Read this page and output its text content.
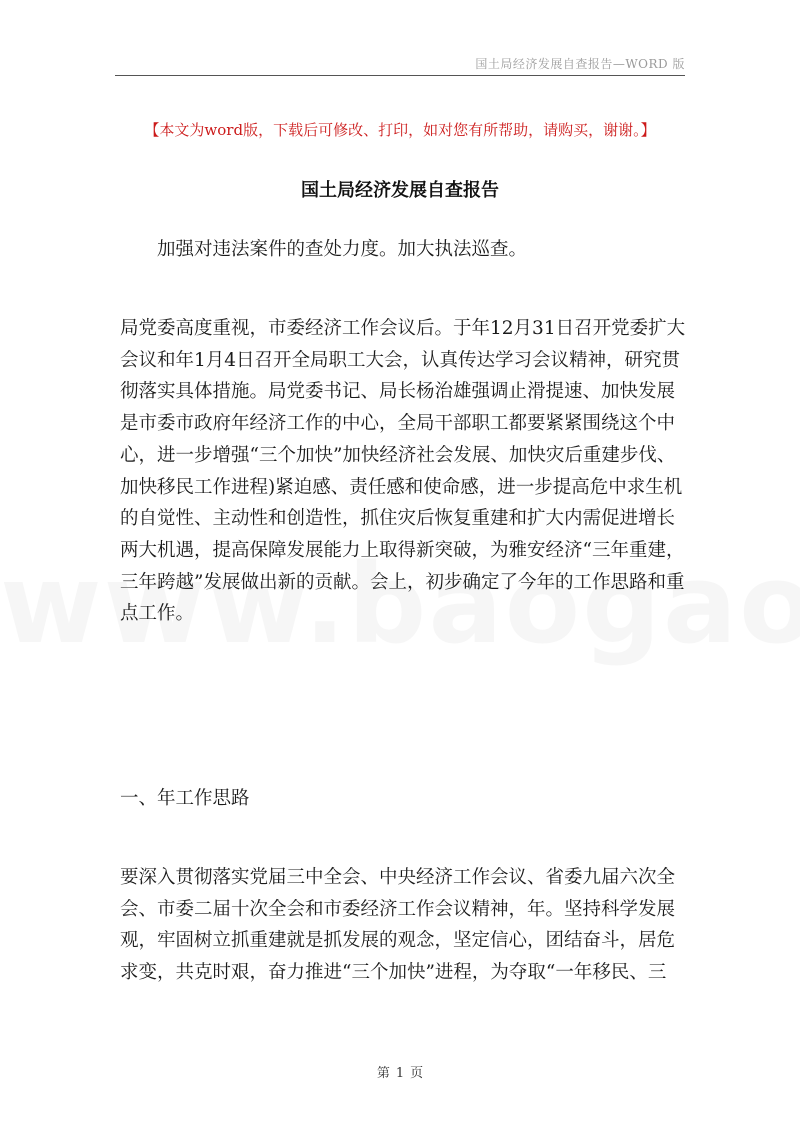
国土局经济发展自查报告—WORD 版
【本文为word版，下载后可修改、打印，如对您有所帮助，请购买，谢谢。】
国土局经济发展自查报告

加强对违法案件的查处力度。加大执法巡查。

局党委高度重视，市委经济工作会议后。于年12月31日召开党委扩大会议和年1月4日召开全局职工大会，认真传达学习会议精神，研究贯彻落实具体措施。局党委书记、局长杨治雄强调止滑提速、加快发展是市委市政府年经济工作的中心，全局干部职工都要紧紧围绕这个中心，进一步增强“三个加快”加快经济社会发展、加快灾后重建步伐、加快移民工作进程)紧迫感、责任感和使命感，进一步提高危中求生机的自觉性、主动性和创造性，抓住灾后恢复重建和扩大内需促进增长两大机遇，提高保障发展能力上取得新突破，为雅安经济“三年重建，三年跨越”发展做出新的贡献。会上，初步确定了今年的工作思路和重点工作。

一、年工作思路

要深入贯彻落实党届三中全会、中央经济工作会议、省委九届六次全会、市委二届十次全会和市委经济工作会议精神，年。坚持科学发展观，牢固树立抓重建就是抓发展的观念，坚定信心，团结奋斗，居危求变，共克时艰，奋力推进“三个加快”进程，为夺取“一年移民、三

第 1 页
